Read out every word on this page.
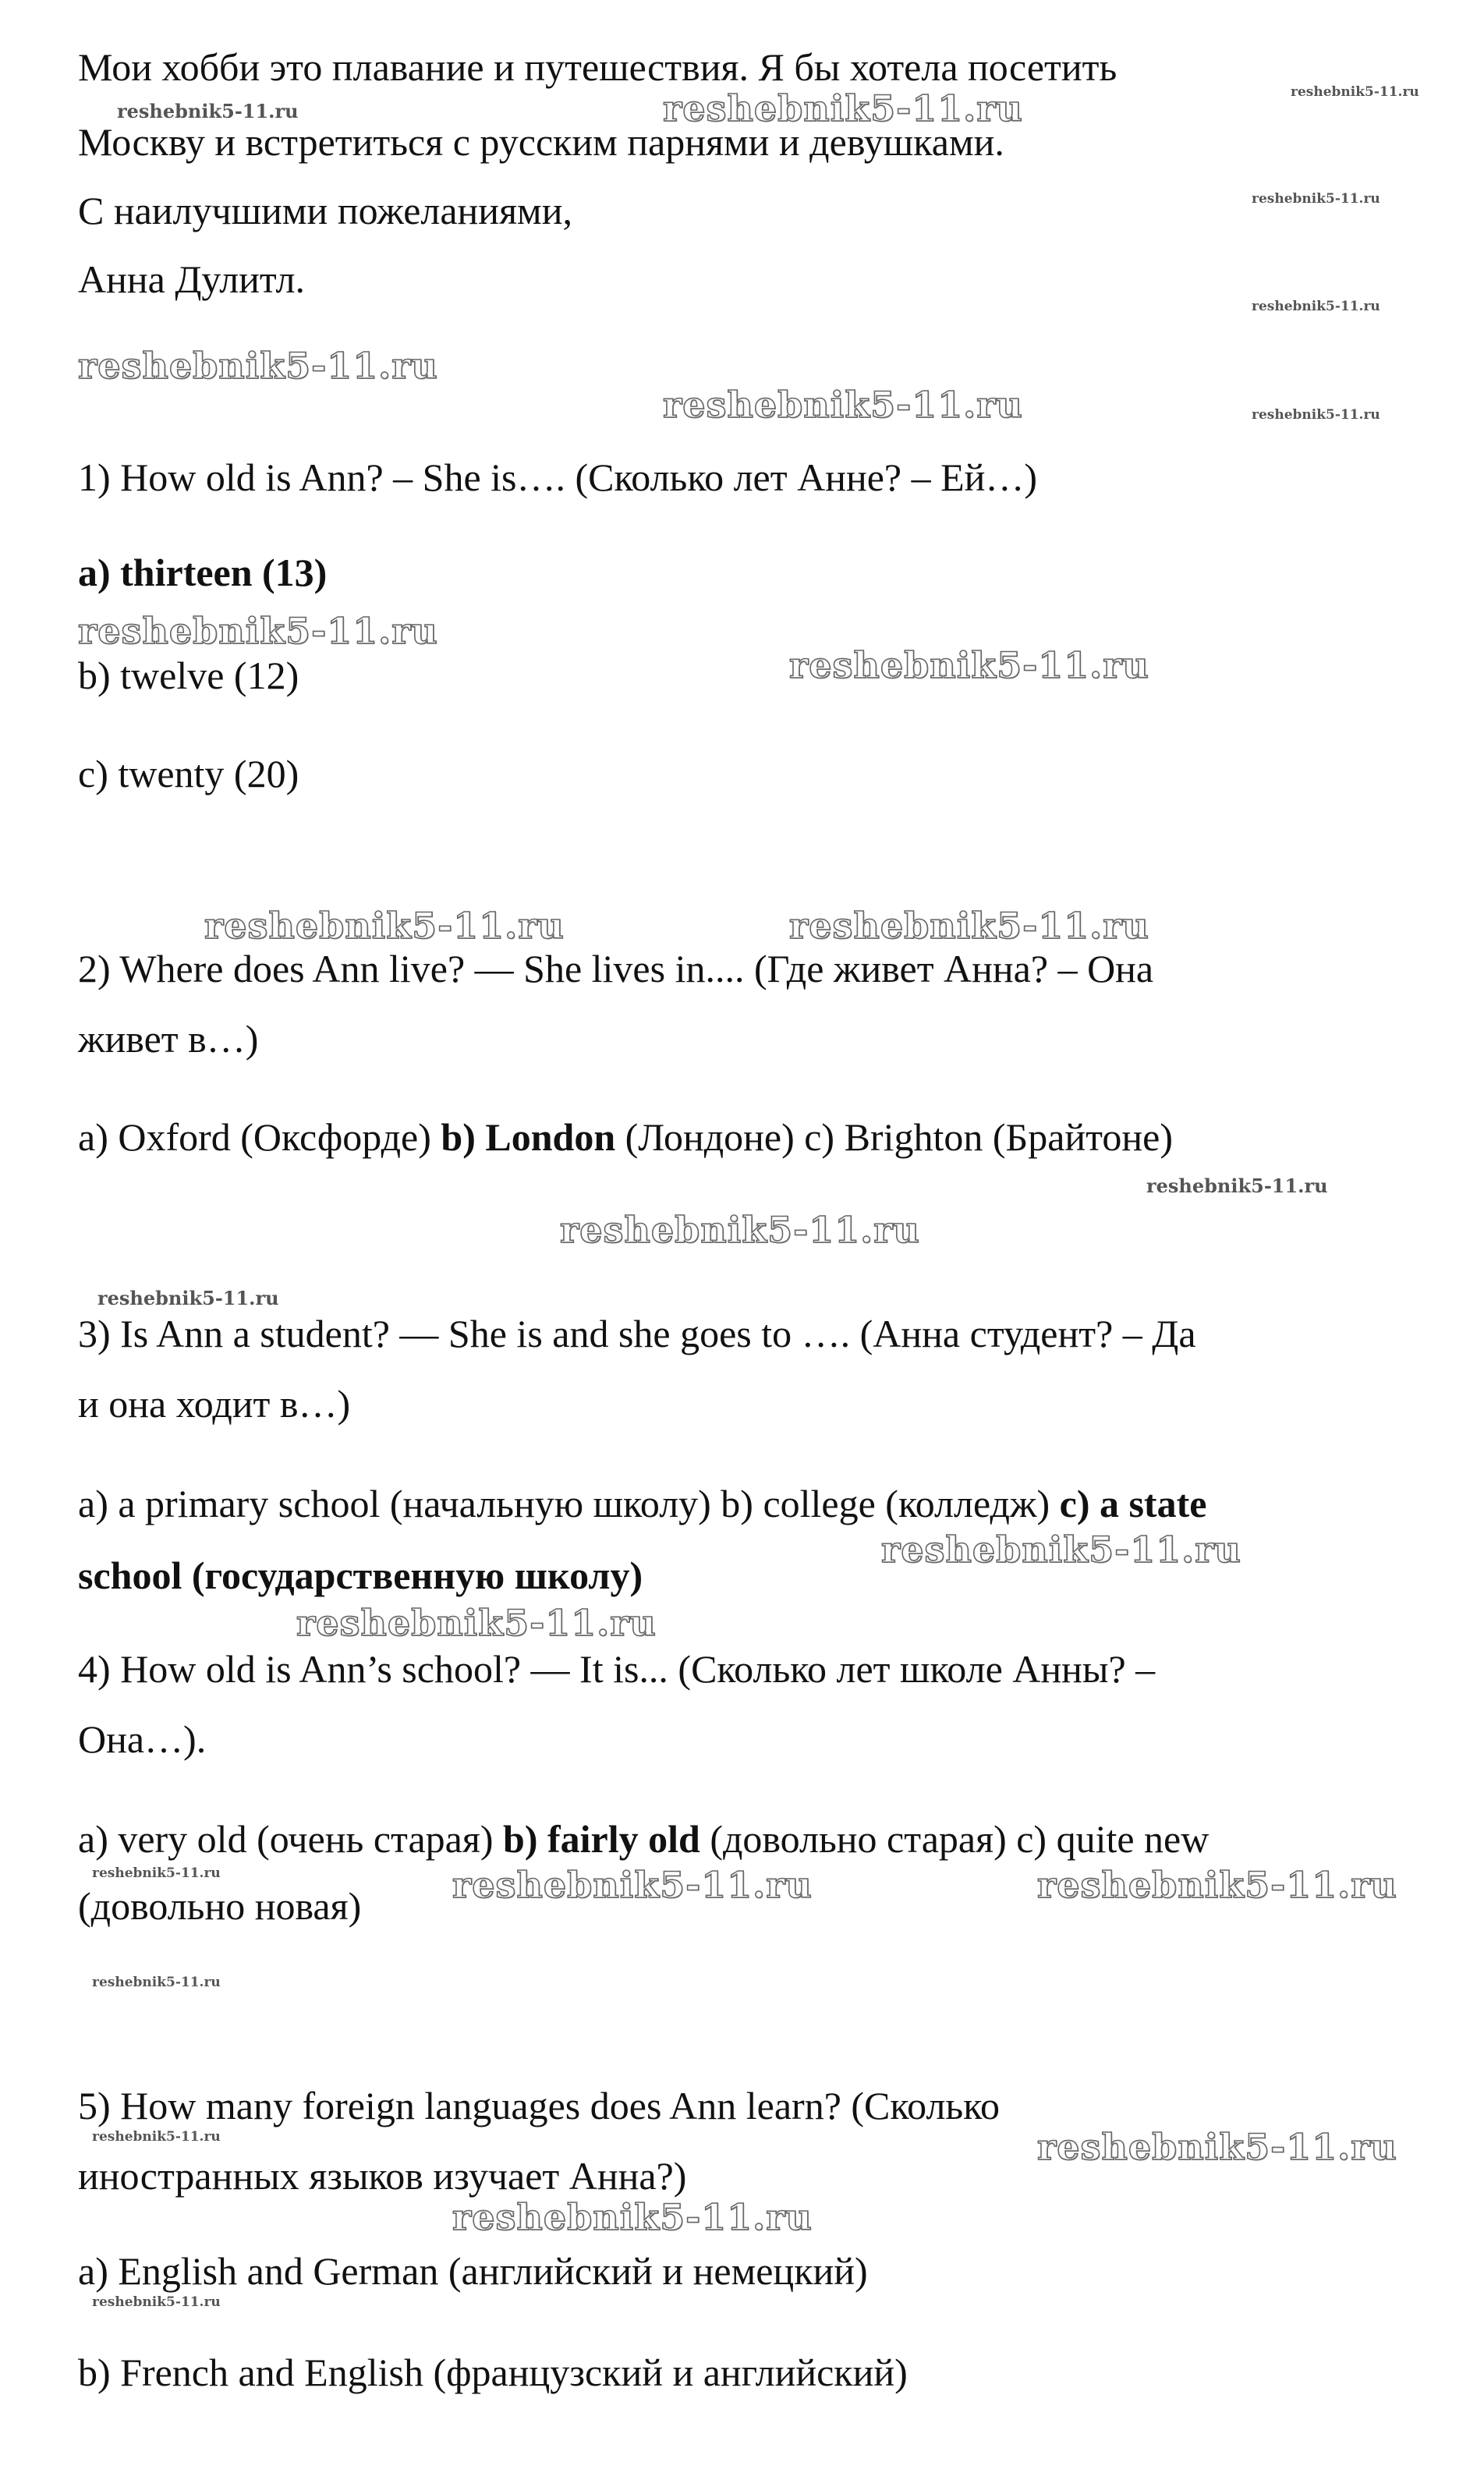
Мои хобби это плавание и путешествия. Я бы хотела посетить
Москву и встретиться с русским парнями и девушками.
С наилучшими пожеланиями,
Анна Дулитл.
1) How old is Ann? – She is…. (Сколько лет Анне? – Ей…)
a) thirteen (13)
b) twelve (12)
c) twenty (20)
2) Where does Ann live? — She lives in.... (Где живет Анна? – Она
живет в…)
a) Oxford (Оксфорде) b) London (Лондоне) c) Brighton (Брайтоне)
3) Is Ann a student? — She is and she goes to …. (Анна студент? – Да
и она ходит в…)
a) a primary school (начальную школу) b) college (колледж) c) a state
school (государственную школу)
4) How old is Ann’s school? — It is... (Сколько лет школе Анны? –
Она…).
a) very old (очень старая) b) fairly old (довольно старая) c) quite new
(довольно новая)
5) How many foreign languages does Ann learn? (Сколько
иностранных языков изучает Анна?)
a) English and German (английский и немецкий)
b) French and English (французский и английский)
reshebnik5-11.ru	reshebnik5-11.ru	reshebnik5-11.ru
reshebnik5-11.ru
reshebnik5-11.ru
reshebnik5-11.ru
reshebnik5-11.ru	reshebnik5-11.ru
reshebnik5-11.ru
reshebnik5-11.ru
reshebnik5-11.ru	reshebnik5-11.ru
reshebnik5-11.ru
reshebnik5-11.ru
reshebnik5-11.ru
reshebnik5-11.ru
reshebnik5-11.ru
reshebnik5-11.ru	reshebnik5-11.ru	reshebnik5-11.ru
reshebnik5-11.ru
reshebnik5-11.ru	reshebnik5-11.ru
reshebnik5-11.ru
reshebnik5-11.ru
